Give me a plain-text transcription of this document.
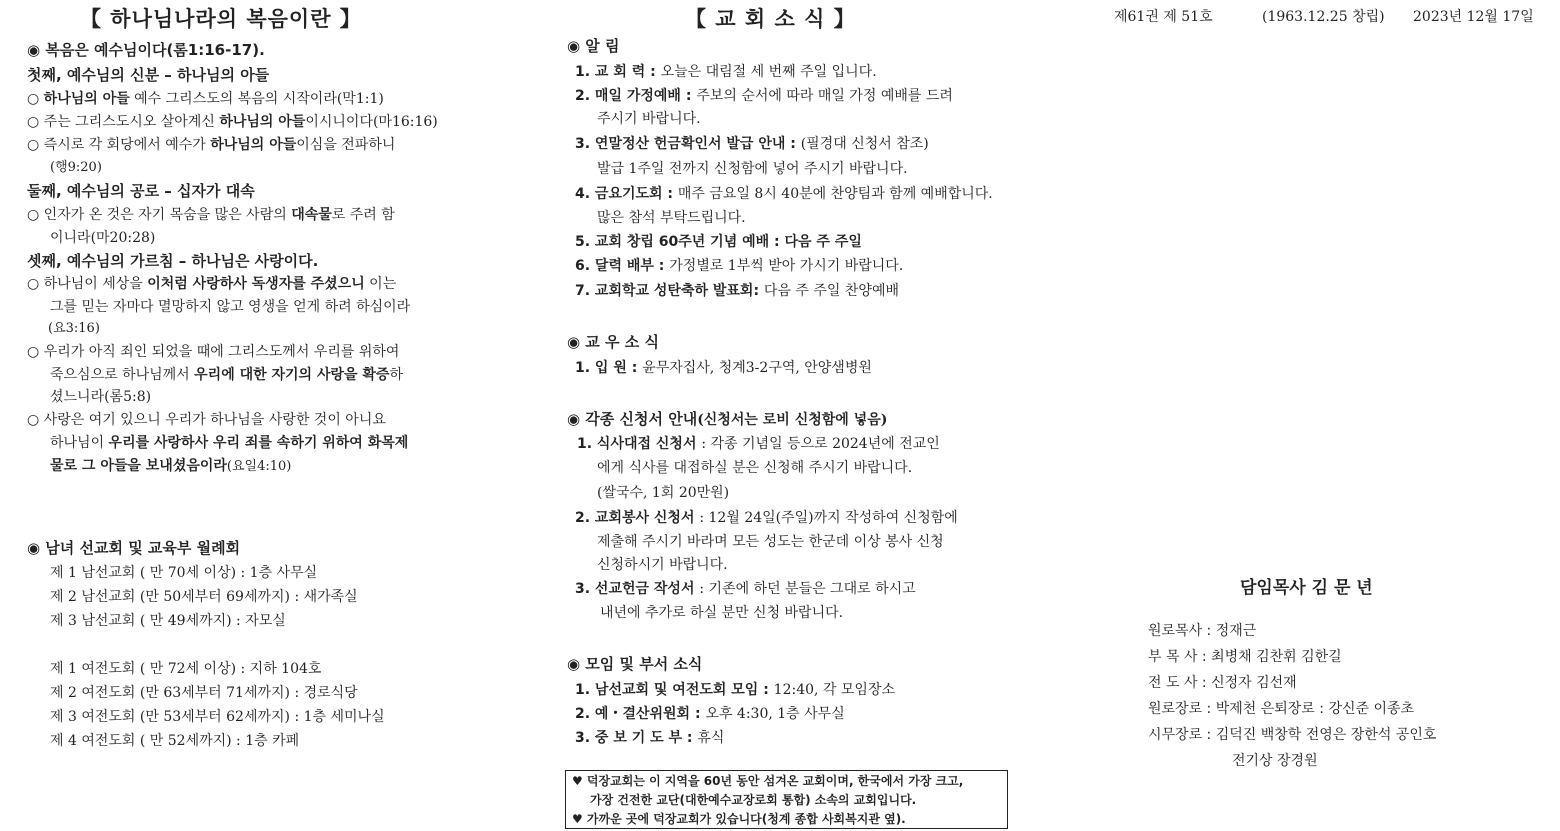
【 하나님나라의 복음이란 】
◉ 복음은 예수님이다(롬1:16-17).
첫째, 예수님의 신분 – 하나님의 아들
○ 하나님의 아들 예수 그리스도의 복음의 시작이라(막1:1)
○ 주는 그리스도시오 살아계신 하나님의 아들이시니이다(마16:16)
○ 즉시로 각 회당에서 예수가 하나님의 아들이심을 전파하니
(행9:20)
둘째, 예수님의 공로 – 십자가 대속
○ 인자가 온 것은 자기 목숨을 많은 사람의 대속물로 주려 함
이니라(마20:28)
셋째, 예수님의 가르침 – 하나님은 사랑이다.
○ 하나님이 세상을 이처럼 사랑하사 독생자를 주셨으니 이는
그를 믿는 자마다 멸망하지 않고 영생을 얻게 하려 하심이라
(요3:16)
○ 우리가 아직 죄인 되었을 때에 그리스도께서 우리를 위하여
죽으심으로 하나님께서 우리에 대한 자기의 사랑을 확증하
셨느니라(롬5:8)
○ 사랑은 여기 있으니 우리가 하나님을 사랑한 것이 아니요
하나님이 우리를 사랑하사 우리 죄를 속하기 위하여 화목제
물로 그 아들을 보내셨음이라(요일4:10)
◉ 남녀 선교회 및 교육부 월례회
제 1 남선교회 ( 만 70세 이상) : 1층 사무실
제 2 남선교회 (만 50세부터 69세까지) : 새가족실
제 3 남선교회 ( 만 49세까지) : 자모실
제 1 여전도회 ( 만 72세 이상) : 지하 104호
제 2 여전도회 (만 63세부터 71세까지) : 경로식당
제 3 여전도회 (만 53세부터 62세까지) : 1층 세미나실
제 4 여전도회 ( 만 52세까지) : 1층 카페
【 교 회 소 식 】
◉ 알 림
1. 교 회 력 : 오늘은 대림절 세 번째 주일 입니다.
2. 매일 가정예배 : 주보의 순서에 따라 매일 가정 예배를 드려
주시기 바랍니다.
3. 연말정산 헌금확인서 발급 안내 : (필경대 신청서 참조)
발급 1주일 전까지 신청함에 넣어 주시기 바랍니다.
4. 금요기도회 : 매주 금요일 8시 40분에 찬양팀과 함께 예배합니다.
많은 참석 부탁드립니다.
5. 교회 창립 60주년 기념 예배 : 다음 주 주일
6. 달력 배부 : 가정별로 1부씩 받아 가시기 바랍니다.
7. 교회학교 성탄축하 발표회: 다음 주 주일 찬양예배
◉ 교 우 소 식
1. 입 원 : 윤무자집사, 청계3-2구역, 안양샘병원
◉ 각종 신청서 안내(신청서는 로비 신청함에 넣음)
1. 식사대접 신청서 : 각종 기념일 등으로 2024년에 전교인
에게 식사를 대접하실 분은 신청해 주시기 바랍니다.
(쌀국수, 1회 20만원)
2. 교회봉사 신청서 : 12월 24일(주일)까지 작성하여 신청함에
제출해 주시기 바라며 모든 성도는 한군데 이상 봉사 신청
신청하시기 바랍니다.
3. 선교헌금 작성서 : 기존에 하던 분들은 그대로 하시고
내년에 추가로 하실 분만 신청 바랍니다.
◉ 모임 및 부서 소식
1. 남선교회 및 여전도회 모임 : 12:40, 각 모임장소
2. 예・결산위원회 : 오후 4:30, 1층 사무실
3. 중 보 기 도 부 : 휴식
♥ 덕장교회는 이 지역을 60년 동안 섬겨온 교회이며, 한국에서 가장 크고,
가장 건전한 교단(대한예수교장로회 통합) 소속의 교회입니다.
♥ 가까운 곳에 덕장교회가 있습니다(청계 종합 사회복지관 옆).
제61권 제 51호	(1963.12.25 창립) 2023년 12월 17일
담임목사 김 문 년
원로목사 : 정재근
부 목 사 : 최병채 김찬휘 김한길
전 도 사 : 신정자 김선재
원로장로 : 박제천 은퇴장로 : 강신준 이종초
시무장로 : 김덕진 백창학 전영은 장한석 공인호
전기상 장경원
